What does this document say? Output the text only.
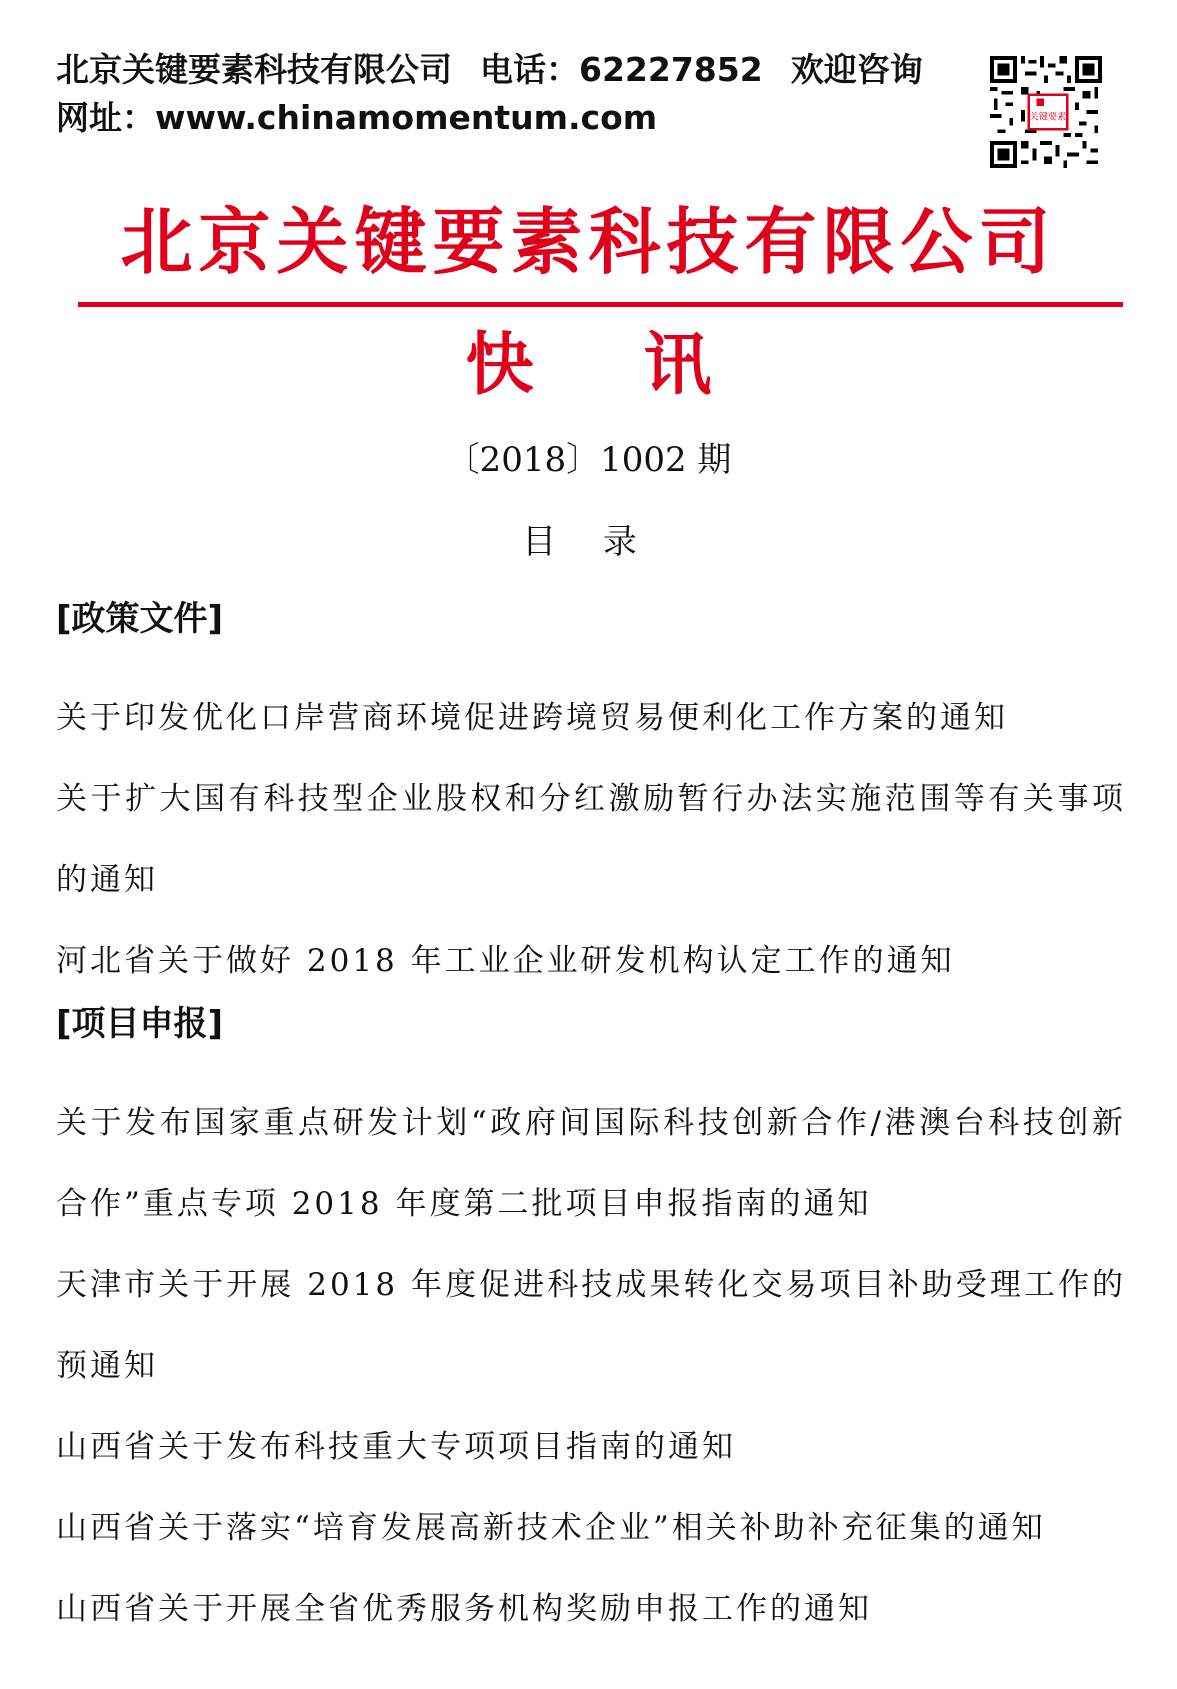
北京关键要素科技有限公司 电话：62227852 欢迎咨询
网址：www.chinamomentum.com	关键要素
北京关键要素科技有限公司
快 讯
〔2018〕1002 期
目 录
[政策文件]
关于印发优化口岸营商环境促进跨境贸易便利化工作方案的通知
关于扩大国有科技型企业股权和分红激励暂行办法实施范围等有关事项的通知
河北省关于做好 2018 年工业企业研发机构认定工作的通知
[项目申报]
关于发布国家重点研发计划“政府间国际科技创新合作/港澳台科技创新合作”重点专项 2018 年度第二批项目申报指南的通知
天津市关于开展 2018 年度促进科技成果转化交易项目补助受理工作的预通知
山西省关于发布科技重大专项项目指南的通知
山西省关于落实“培育发展高新技术企业”相关补助补充征集的通知
山西省关于开展全省优秀服务机构奖励申报工作的通知
